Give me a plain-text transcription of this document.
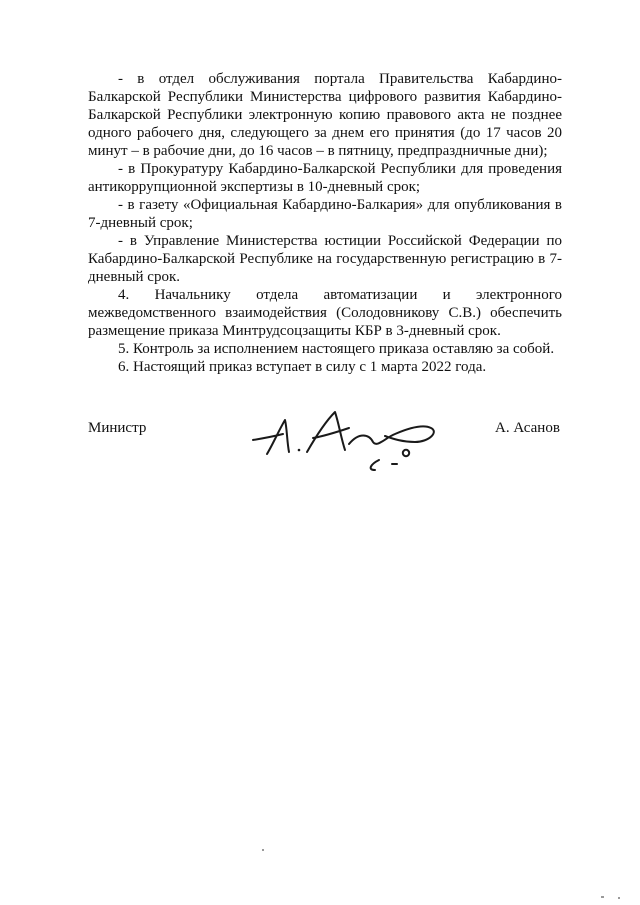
- в отдел обслуживания портала Правительства Кабардино-Балкарской Республики Министерства цифрового развития Кабардино-Балкарской Республики электронную копию правового акта не позднее одного рабочего дня, следующего за днем его принятия (до 17 часов 20 минут – в рабочие дни, до 16 часов – в пятницу, предпраздничные дни);

- в Прокуратуру Кабардино-Балкарской Республики для проведения антикоррупционной экспертизы в 10-дневный срок;

- в газету «Официальная Кабардино-Балкария» для опубликования в 7-дневный срок;

- в Управление Министерства юстиции Российской Федерации по Кабардино-Балкарской Республике на государственную регистрацию в 7-дневный срок.

4. Начальнику отдела автоматизации и электронного межведомственного взаимодействия (Солодовникову С.В.) обеспечить размещение приказа Минтрудсоцзащиты КБР в 3-дневный срок.

5. Контроль за исполнением настоящего приказа оставляю за собой.

6. Настоящий приказ вступает в силу с 1 марта 2022 года.

Министр	А. Асанов
